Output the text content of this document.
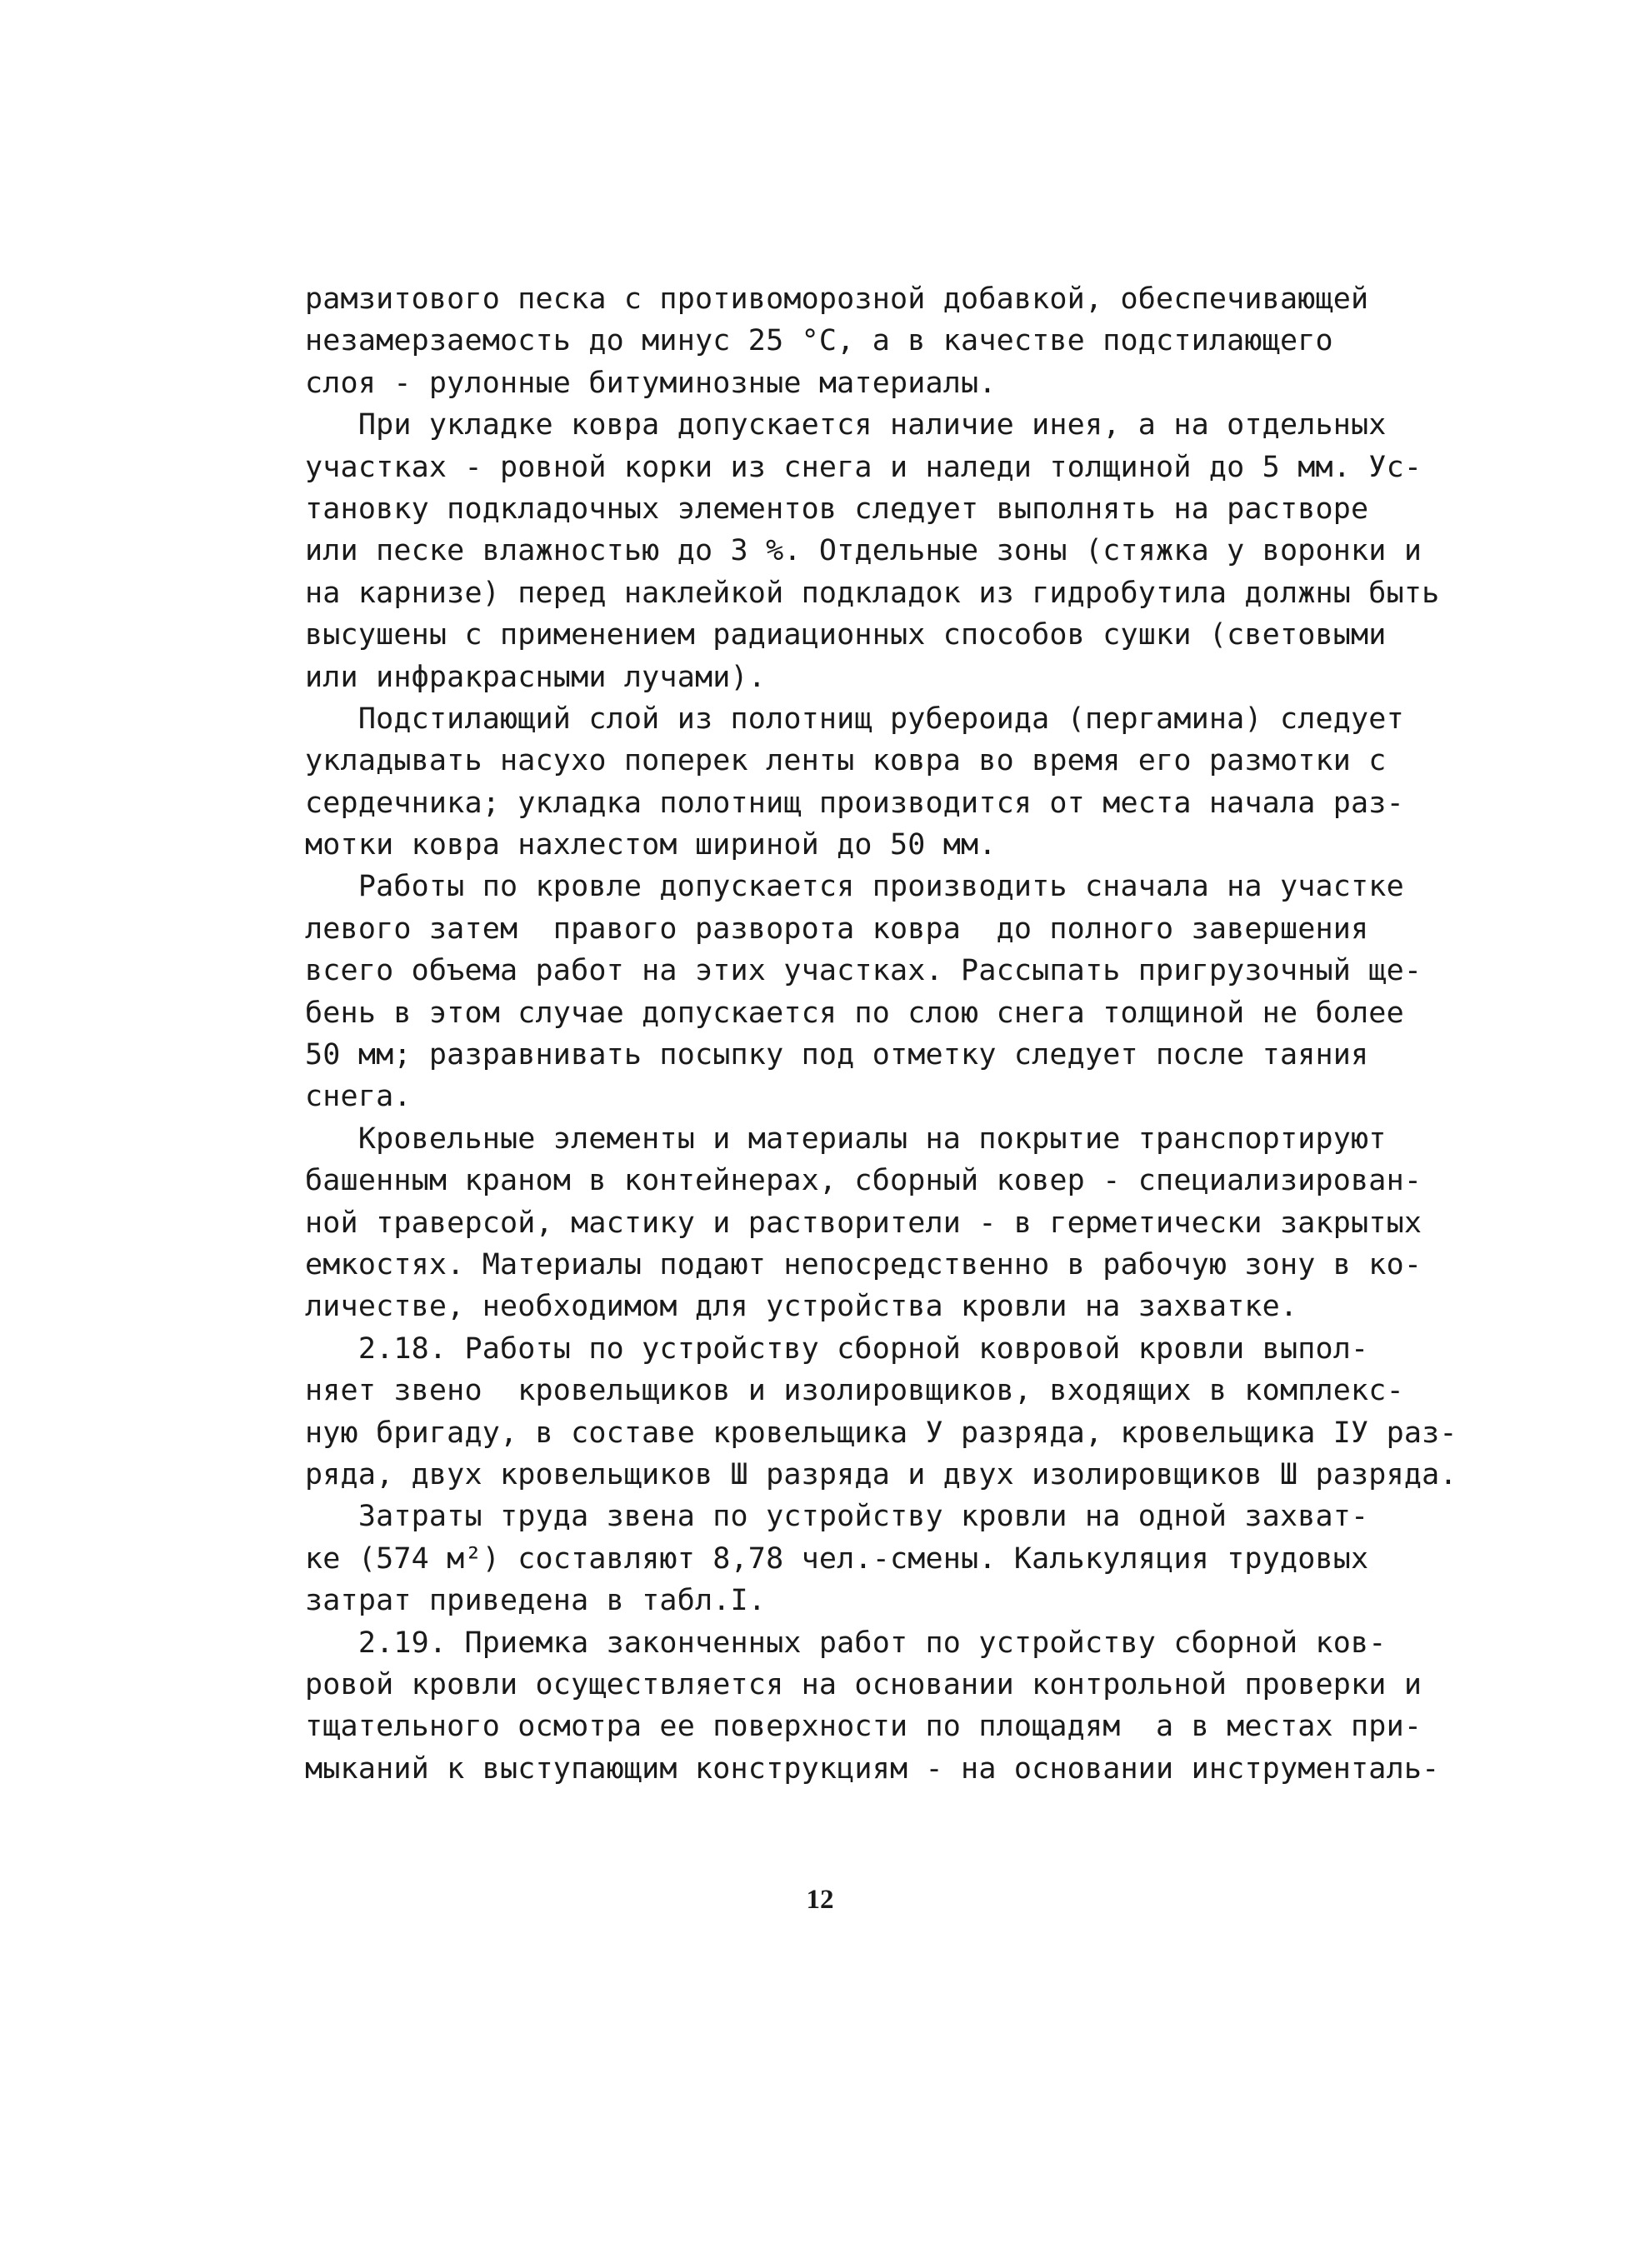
рамзитового песка с противоморозной добавкой, обеспечивающей
незамерзаемость до минус 25 °С, а в качестве подстилающего
слоя - рулонные битуминозные материалы.
При укладке ковра допускается наличие инея, а на отдельных
участках - ровной корки из снега и наледи толщиной до 5 мм. Ус-
тановку подкладочных элементов следует выполнять на растворе
или песке влажностью до 3 %. Отдельные зоны (стяжка у воронки и
на карнизе) перед наклейкой подкладок из гидробутила должны быть
высушены с применением радиационных способов сушки (световыми
или инфракрасными лучами).
Подстилающий слой из полотнищ рубероида (пергамина) следует
укладывать насухо поперек ленты ковра во время его размотки с
сердечника; укладка полотнищ производится от места начала раз-
мотки ковра нахлестом шириной до 50 мм.
Работы по кровле допускается производить сначала на участке
левого затем  правого разворота ковра  до полного завершения
всего объема работ на этих участках. Рассыпать пригрузочный ще-
бень в этом случае допускается по слою снега толщиной не более
50 мм; разравнивать посыпку под отметку следует после таяния
снега.
Кровельные элементы и материалы на покрытие транспортируют
башенным краном в контейнерах, сборный ковер - специализирован-
ной траверсой, мастику и растворители - в герметически закрытых
емкостях. Материалы подают непосредственно в рабочую зону в ко-
личестве, необходимом для устройства кровли на захватке.
2.18. Работы по устройству сборной ковровой кровли выпол-
няет звено  кровельщиков и изолировщиков, входящих в комплекс-
ную бригаду, в составе кровельщика У разряда, кровельщика IУ раз-
ряда, двух кровельщиков Ш разряда и двух изолировщиков Ш разряда.
Затраты труда звена по устройству кровли на одной захват-
ке (574 м²) составляют 8,78 чел.-смены. Калькуляция трудовых
затрат приведена в табл.I.
2.19. Приемка законченных работ по устройству сборной ков-
ровой кровли осуществляется на основании контрольной проверки и
тщательного осмотра ее поверхности по площадям  а в местах при-
мыканий к выступающим конструкциям - на основании инструменталь-
12
